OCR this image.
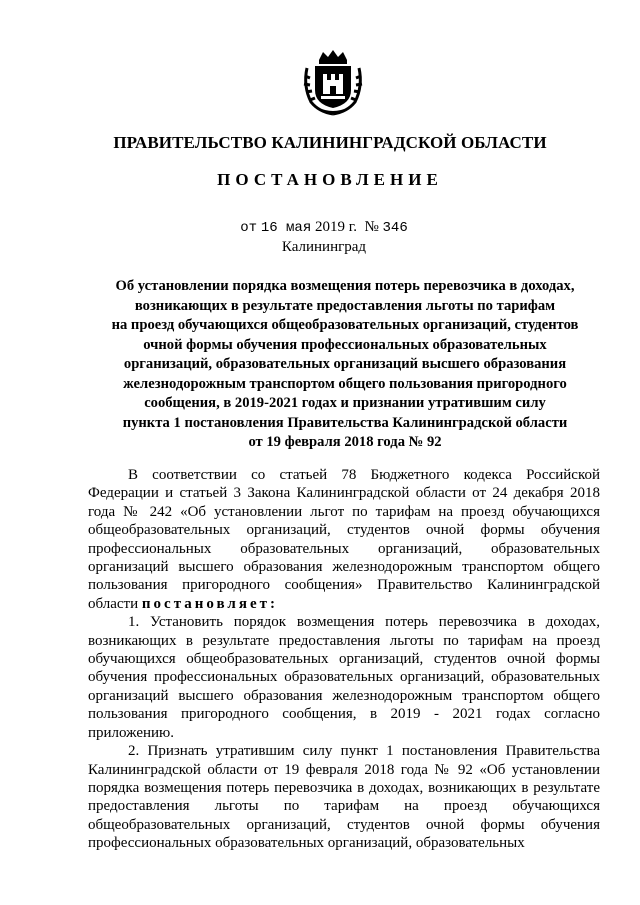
ПРАВИТЕЛЬСТВО КАЛИНИНГРАДСКОЙ ОБЛАСТИ
ПОСТАНОВЛЕНИЕ
от 16 мая 2019 г. № 346
Калининград
Об установлении порядка возмещения потерь перевозчика в доходах,
возникающих в результате предоставления льготы по тарифам
на проезд обучающихся общеобразовательных организаций, студентов
очной формы обучения профессиональных образовательных
организаций, образовательных организаций высшего образования
железнодорожным транспортом общего пользования пригородного
сообщения, в 2019-2021 годах и признании утратившим силу
пункта 1 постановления Правительства Калининградской области
от 19 февраля 2018 года № 92

В соответствии со статьей 78 Бюджетного кодекса Российской Федерации и статьей 3 Закона Калининградской области от 24 декабря 2018 года № 242 «Об установлении льгот по тарифам на проезд обучающихся общеобразовательных организаций, студентов очной формы обучения профессиональных образовательных организаций, образовательных организаций высшего образования железнодорожным транспортом общего пользования пригородного сообщения» Правительство Калининградской области постановляет:

1. Установить порядок возмещения потерь перевозчика в доходах, возникающих в результате предоставления льготы по тарифам на проезд обучающихся общеобразовательных организаций, студентов очной формы обучения профессиональных образовательных организаций, образовательных организаций высшего образования железнодорожным транспортом общего пользования пригородного сообщения, в 2019 - 2021 годах согласно приложению.

2. Признать утратившим силу пункт 1 постановления Правительства Калининградской области от 19 февраля 2018 года № 92 «Об установлении порядка возмещения потерь перевозчика в доходах, возникающих в результате предоставления льготы по тарифам на проезд обучающихся общеобразовательных организаций, студентов очной формы обучения профессиональных образовательных организаций, образовательных
